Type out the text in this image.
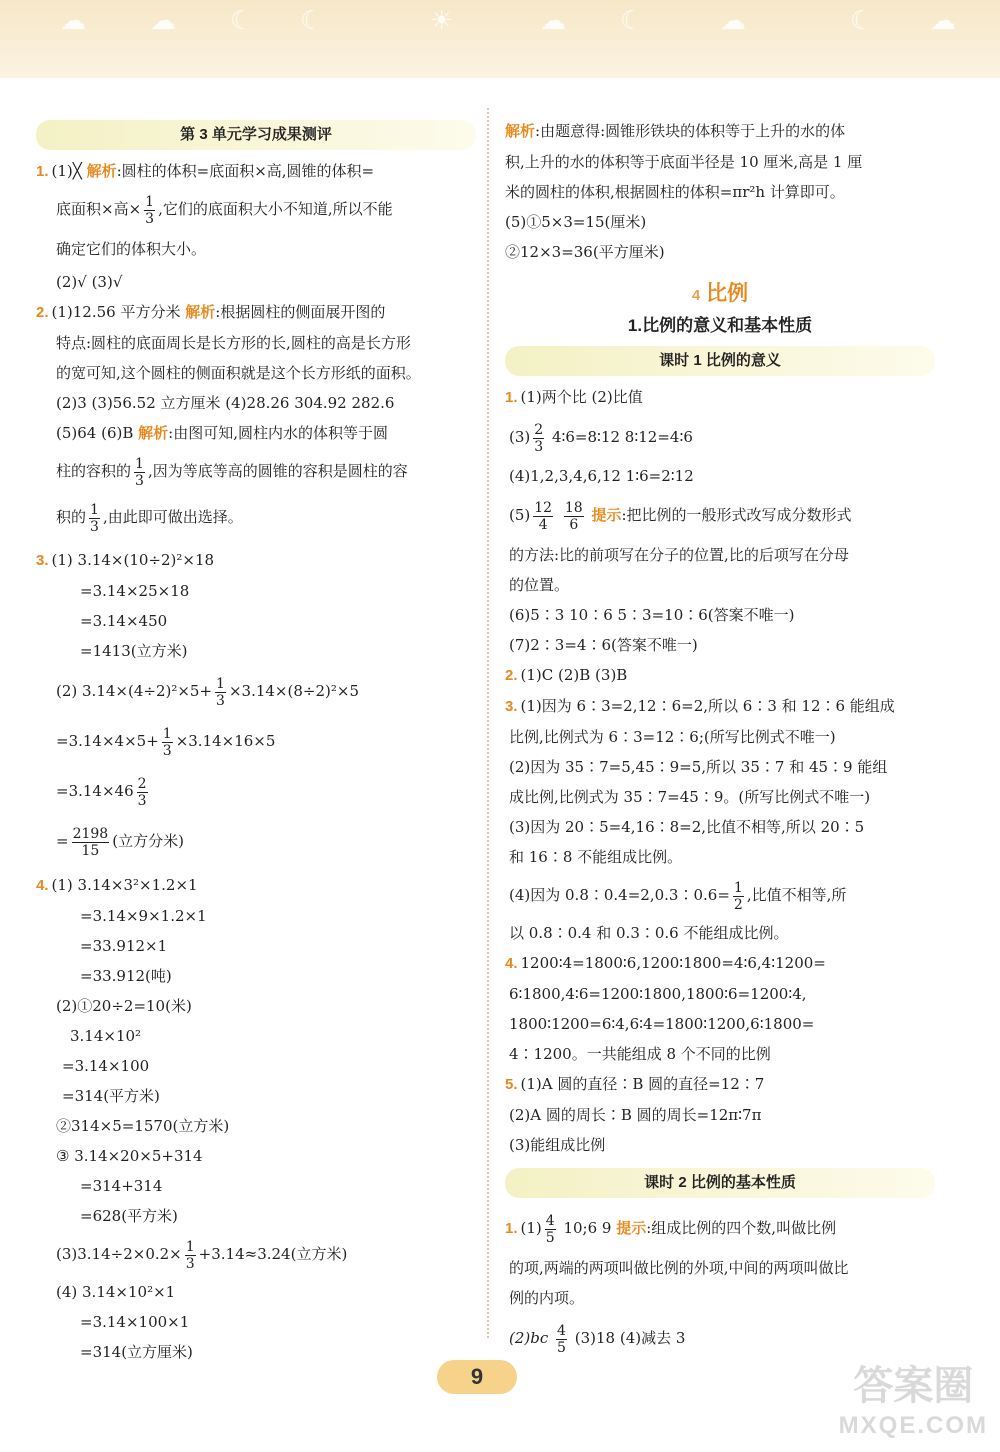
☁ ☁ ☾ ☾	☀	☁ ☾	☁	☾ ☁
第 3 单元学习成果测评
1. (1)╳ 解析:圆柱的体积=底面积×高,圆锥的体积=
底面积×高× $\frac{1}{3}$ ,它们的底面积大小不知道,所以不能
确定它们的体积大小。
(2)√ (3)√
2. (1)12.56 平方分米 解析:根据圆柱的侧面展开图的
特点:圆柱的底面周长是长方形的长,圆柱的高是长方形
的宽可知,这个圆柱的侧面积就是这个长方形纸的面积。
(2)3 (3)56.52 立方厘米 (4)28.26 304.92 282.6
(5)64 (6)B 解析:由图可知,圆柱内水的体积等于圆
柱的容积的 $\frac{1}{3}$ ,因为等底等高的圆锥的容积是圆柱的容
积的 $\frac{1}{3}$ ,由此即可做出选择。
3. (1) 3.14×(10÷2)²×18
=3.14×25×18
=3.14×450
=1413(立方米)
(2) $3.14\times(4\div 2)^2\times 5+ \frac{1}{3} \times 3.14\times(8\div 2)^2\times 5$
$=3.14\times 4\times 5+ \frac{1}{3} \times 3.14\times 16\times 5$
$=3.14\times 46 \frac{2}{3}$
= $\frac{2198}{15}$ (立方分米)
4. (1) 3.14×3²×1.2×1
=3.14×9×1.2×1
=33.912×1
=33.912(吨)
(2)①20÷2=10(米)
3.14×10²
=3.14×100
=314(平方米)
②314×5=1570(立方米)
③ 3.14×20×5+314
=314+314
=628(平方米)
$(3)3.14\div 2\times 0.2\times \frac{1}{3} +3.14\approx 3.24$(立方米)
(4) 3.14×10²×1
=3.14×100×1
=314(立方厘米)
解析:由题意得:圆锥形铁块的体积等于上升的水的体
积,上升的水的体积等于底面半径是 10 厘米,高是 1 厘
米的圆柱的体积,根据圆柱的体积=πr²h 计算即可。
(5)①5×3=15(厘米)
②12×3=36(平方厘米)
4 比例
1.比例的意义和基本性质
课时 1 比例的意义
1. (1)两个比 (2)比值
$(3) \frac{2}{3}$ 4∶6=8∶12 8∶12=4∶6
(4)1,2,3,4,6,12 1∶6=2∶12
$(5) \frac{12}{4}$
$\frac{18}{6}$ 提示:把比例的一般形式改写成分数形式
的方法:比的前项写在分子的位置,比的后项写在分母
的位置。
(6)5∶3 10∶6 5∶3=10∶6(答案不唯一)
(7)2∶3=4∶6(答案不唯一)
2. (1)C (2)B (3)B
3. (1)因为 6∶3=2,12∶6=2,所以 6∶3 和 12∶6 能组成
比例,比例式为 6∶3=12∶6;(所写比例式不唯一)
(2)因为 35∶7=5,45∶9=5,所以 35∶7 和 45∶9 能组
成比例,比例式为 35∶7=45∶9。(所写比例式不唯一)
(3)因为 20∶5=4,16∶8=2,比值不相等,所以 20∶5
和 16∶8 不能组成比例。
(4)因为 0.8∶0.4=2,0.3∶0.6= $\frac{1}{2}$ ,比值不相等,所
以 0.8∶0.4 和 0.3∶0.6 不能组成比例。
4. 1200∶4=1800∶6,1200∶1800=4∶6,4∶1200=
6∶1800,4∶6=1200∶1800,1800∶6=1200∶4,
1800∶1200=6∶4,6∶4=1800∶1200,6∶1800=
4∶1200。一共能组成 8 个不同的比例
5. (1)A 圆的直径∶B 圆的直径=12∶7
(2)A 圆的周长∶B 圆的周长=12π∶7π
(3)能组成比例
课时 2 比例的基本性质
1. $(1) \frac{4}{5}$ 10;6 9 提示:组成比例的四个数,叫做比例
的项,两端的两项叫做比例的外项,中间的两项叫做比
例的内项。
$(2)bc \frac{4}{5} (3)18$ (4)减去 3
9	答案圈
MXQE.COM
